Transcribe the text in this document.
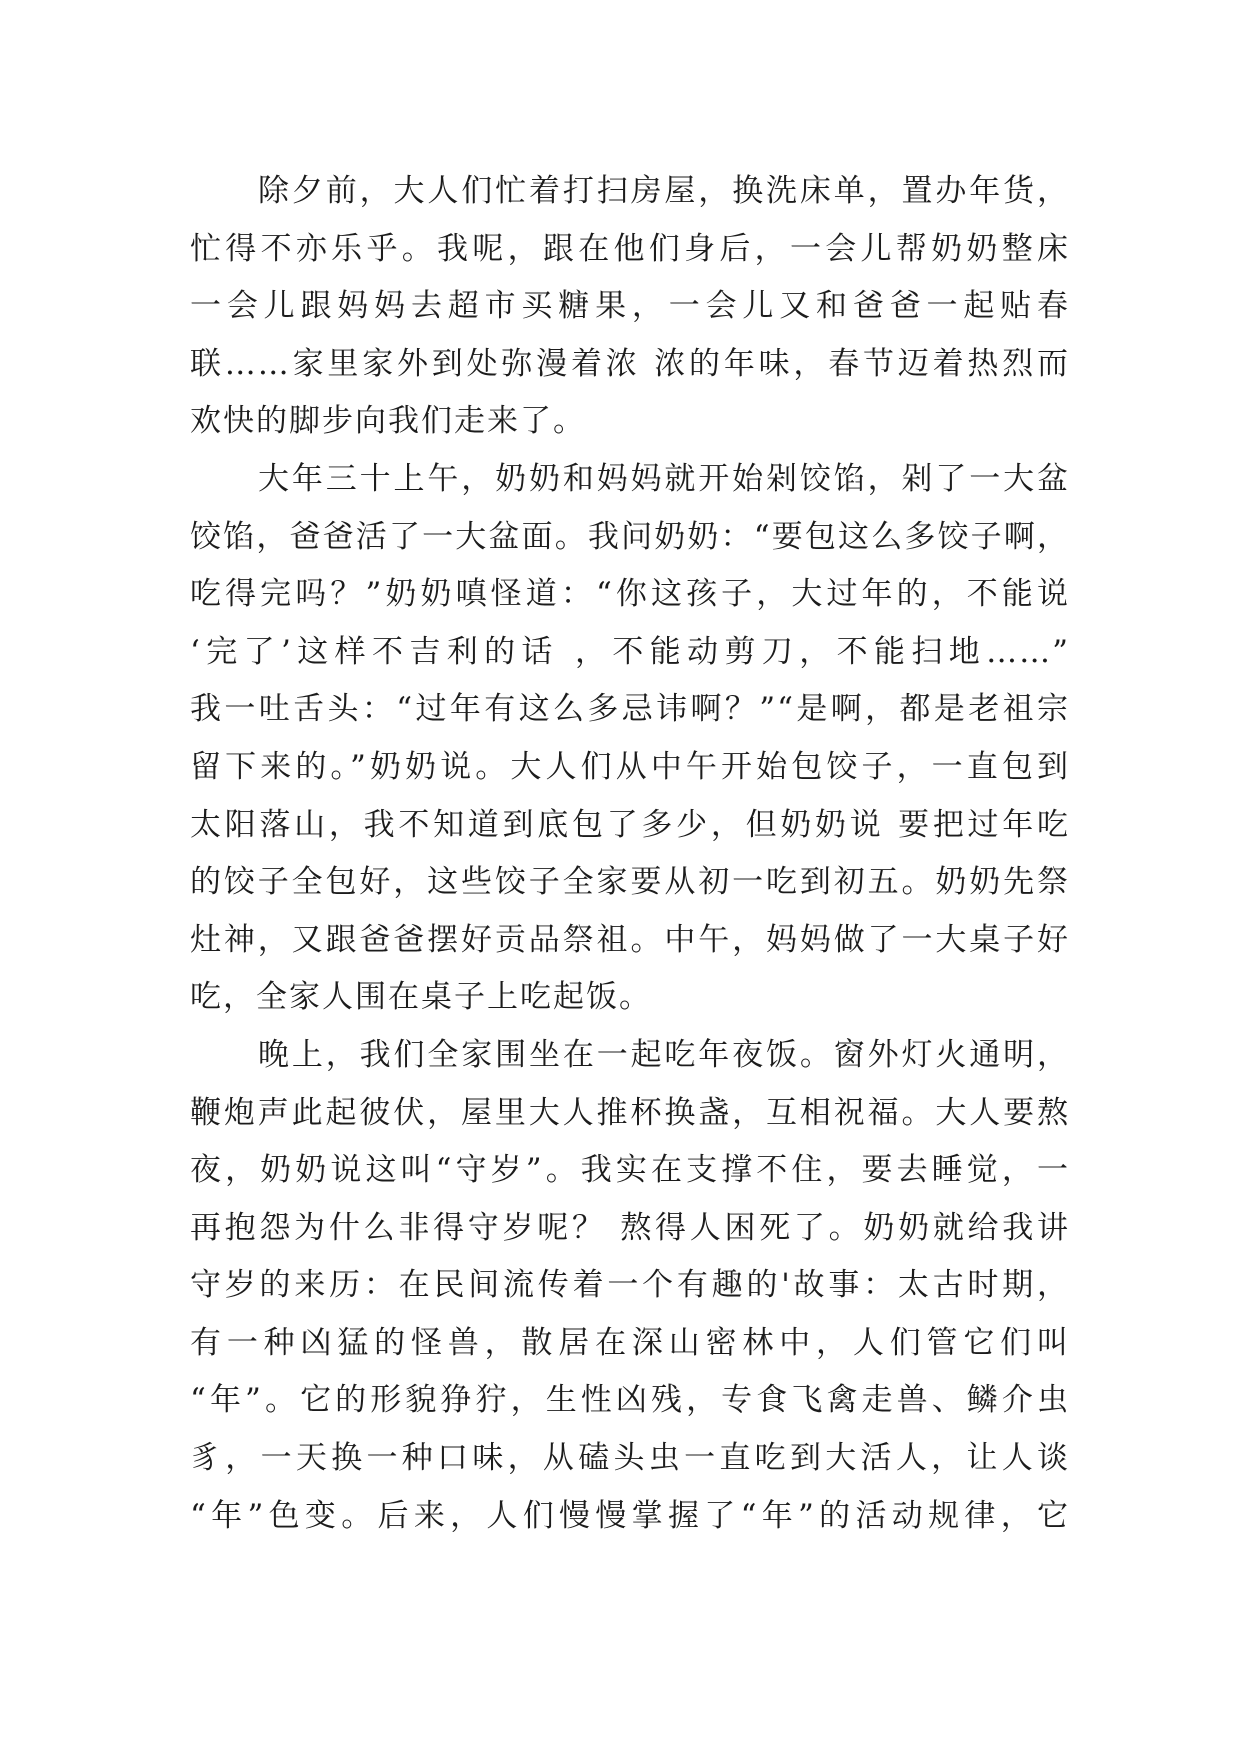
除夕前，大人们忙着打扫房屋，换洗床单，置办年货，
忙得不亦乐乎。我呢，跟在他们身后，一会儿帮奶奶整床
一会儿跟妈妈去超市买糖果，一会儿又和爸爸一起贴春
联……家里家外到处弥漫着浓 浓的年味，春节迈着热烈而
欢快的脚步向我们走来了。
大年三十上午，奶奶和妈妈就开始剁饺馅，剁了一大盆
饺馅，爸爸活了一大盆面。我问奶奶：“要包这么多饺子啊，
吃得完吗？”奶奶嗔怪道：“你这孩子，大过年的，不能说
‘完了’这样不吉利的话 ，不能动剪刀，不能扫地……”
我一吐舌头：“过年有这么多忌讳啊？”“是啊，都是老祖宗
留下来的。”奶奶说。大人们从中午开始包饺子，一直包到
太阳落山，我不知道到底包了多少，但奶奶说 要把过年吃
的饺子全包好，这些饺子全家要从初一吃到初五。奶奶先祭
灶神，又跟爸爸摆好贡品祭祖。中午，妈妈做了一大桌子好
吃，全家人围在桌子上吃起饭。
晚上，我们全家围坐在一起吃年夜饭。窗外灯火通明，
鞭炮声此起彼伏，屋里大人推杯换盏，互相祝福。大人要熬
夜，奶奶说这叫“守岁”。我实在支撑不住，要去睡觉，一
再抱怨为什么非得守岁呢？ 熬得人困死了。奶奶就给我讲
守岁的来历：在民间流传着一个有趣的'故事：太古时期，
有一种凶猛的怪兽，散居在深山密林中，人们管它们叫
“年”。它的形貌狰狞，生性凶残，专食飞禽走兽、鳞介虫
豸，一天换一种口味，从磕头虫一直吃到大活人，让人谈
“年”色变。后来，人们慢慢掌握了“年”的活动规律，它
